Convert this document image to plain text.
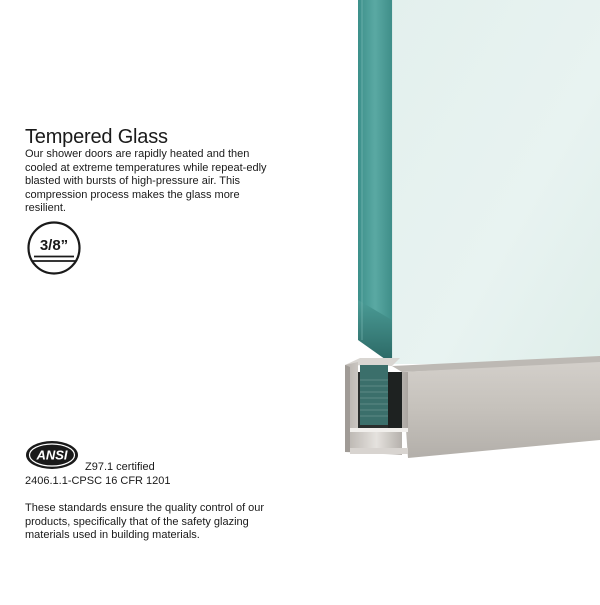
Tempered Glass

Our shower doors are rapidly heated and then cooled at extreme temperatures while repeat-edly blasted with bursts of high-pressure air. This compression process makes the glass more resilient.

3/8”
ANSI
Z97.1 certified
2406.1.1-CPSC 16 CFR 1201

These standards ensure the quality control of our products, specifically that of the safety glazing materials used in building materials.
